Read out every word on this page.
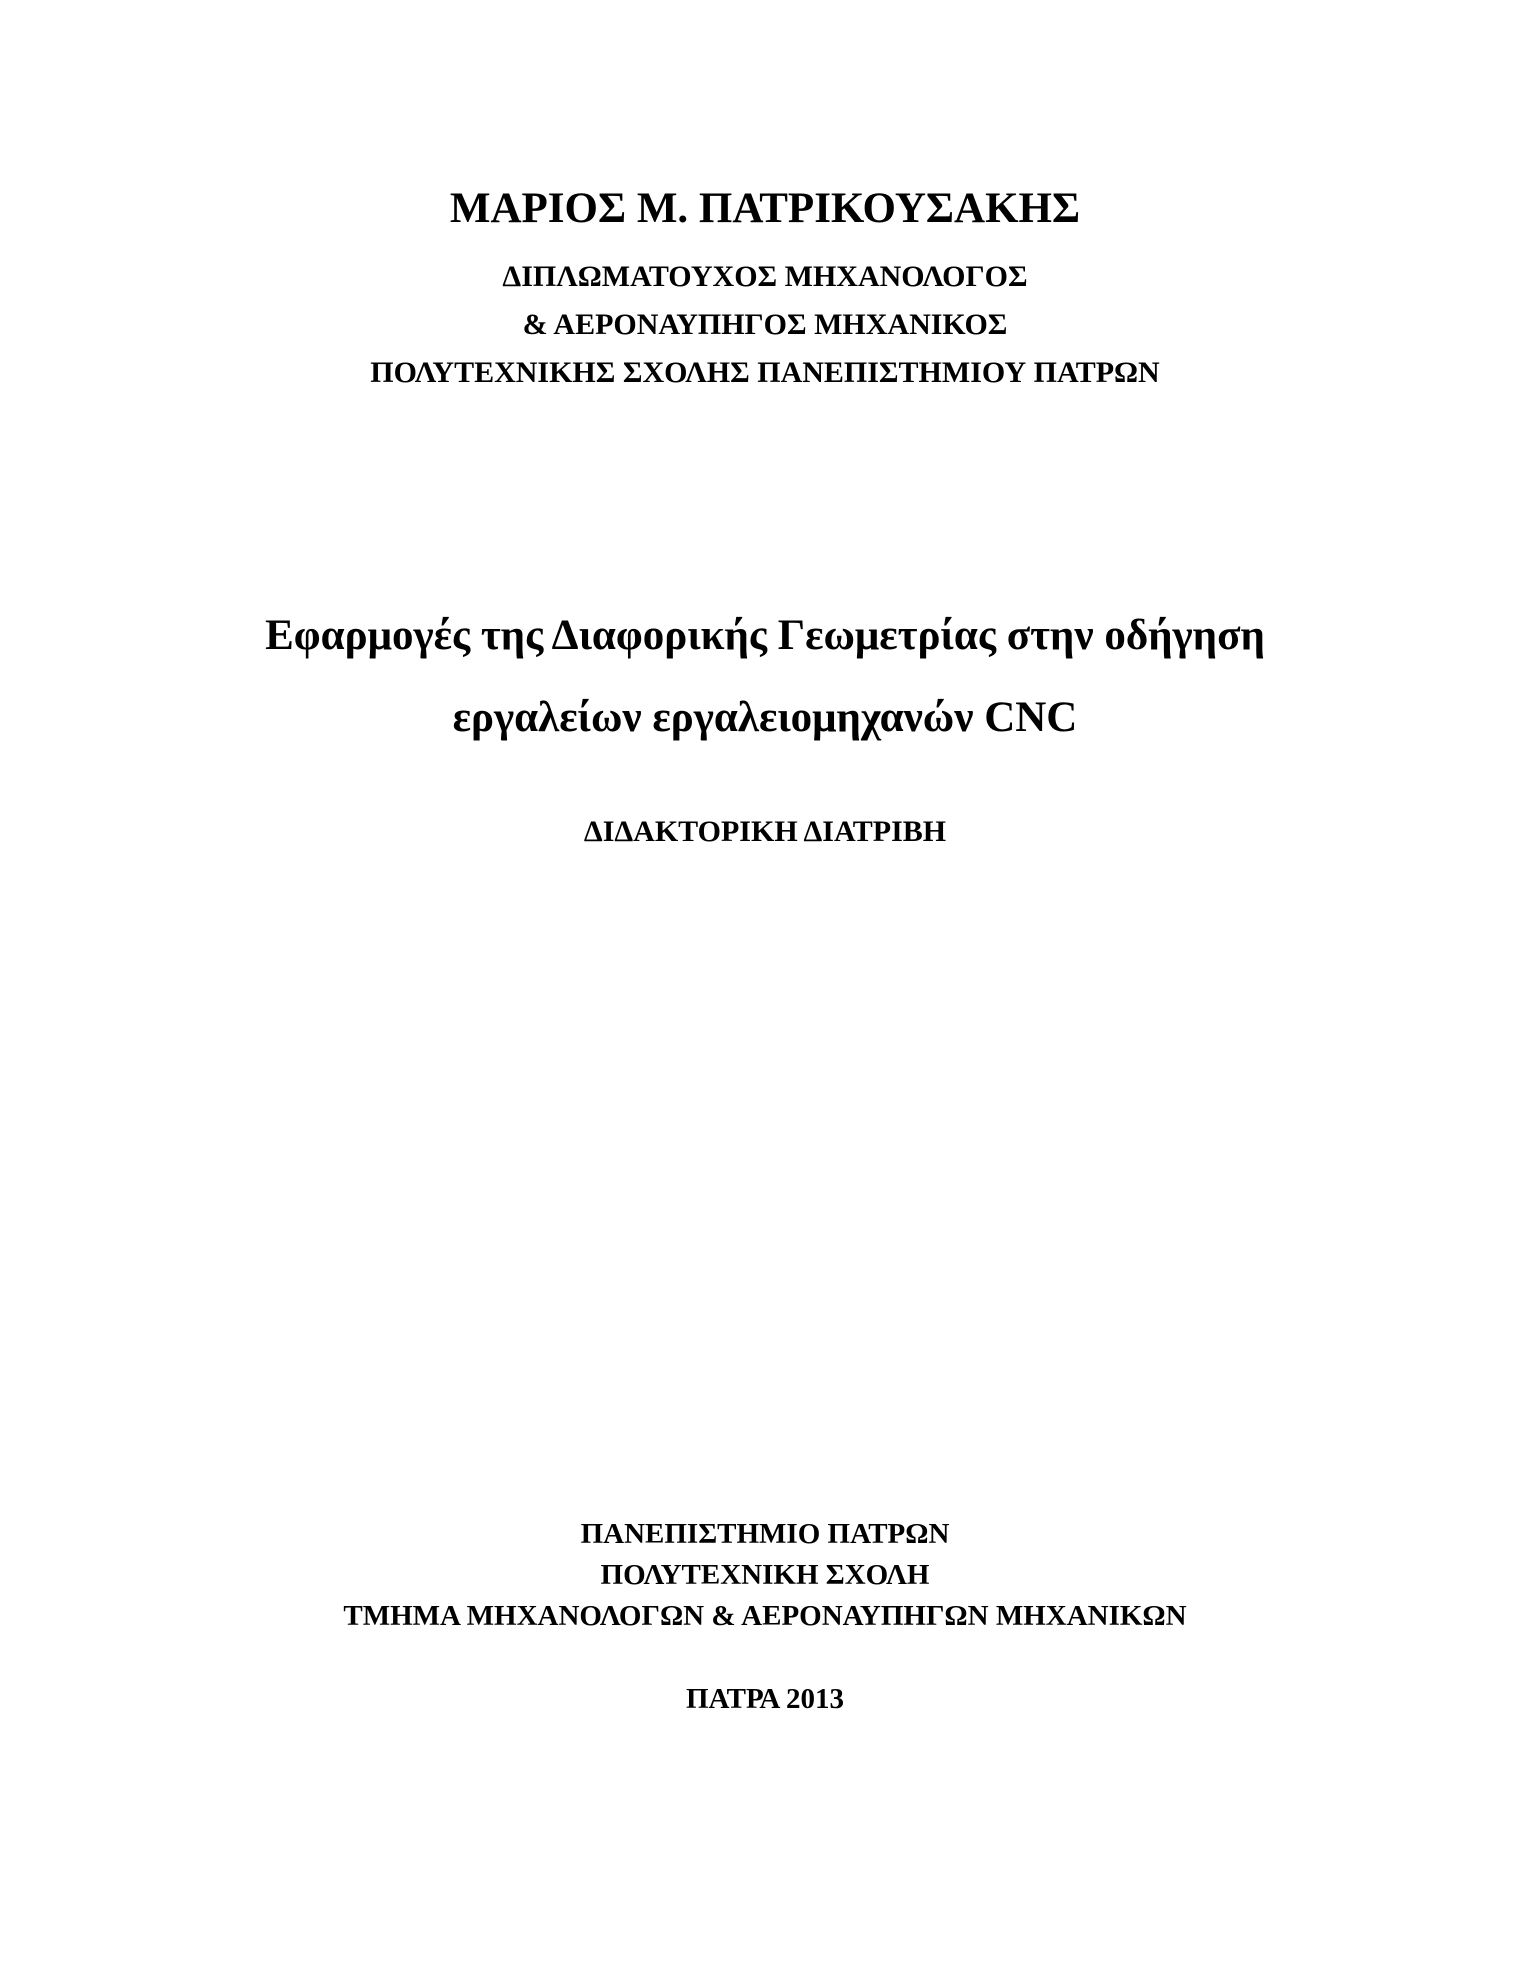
ΜΑΡΙΟΣ Μ. ΠΑΤΡΙΚΟΥΣΑΚΗΣ
ΔΙΠΛΩΜΑΤΟΥΧΟΣ ΜΗΧΑΝΟΛΟΓΟΣ
& ΑΕΡΟΝΑΥΠΗΓΟΣ ΜΗΧΑΝΙΚΟΣ
ΠΟΛΥΤΕΧΝΙΚΗΣ ΣΧΟΛΗΣ ΠΑΝΕΠΙΣΤΗΜΙΟΥ ΠΑΤΡΩΝ
Εφαρμογές της Διαφορικής Γεωμετρίας στην οδήγηση
εργαλείων εργαλειομηχανών CNC
ΔΙΔΑΚΤΟΡΙΚΗ ΔΙΑΤΡΙΒΗ
ΠΑΝΕΠΙΣΤΗΜΙΟ ΠΑΤΡΩΝ
ΠΟΛΥΤΕΧΝΙΚΗ ΣΧΟΛΗ
ΤΜΗΜΑ ΜΗΧΑΝΟΛΟΓΩΝ & ΑΕΡΟΝΑΥΠΗΓΩΝ ΜΗΧΑΝΙΚΩΝ
ΠΑΤΡΑ 2013
